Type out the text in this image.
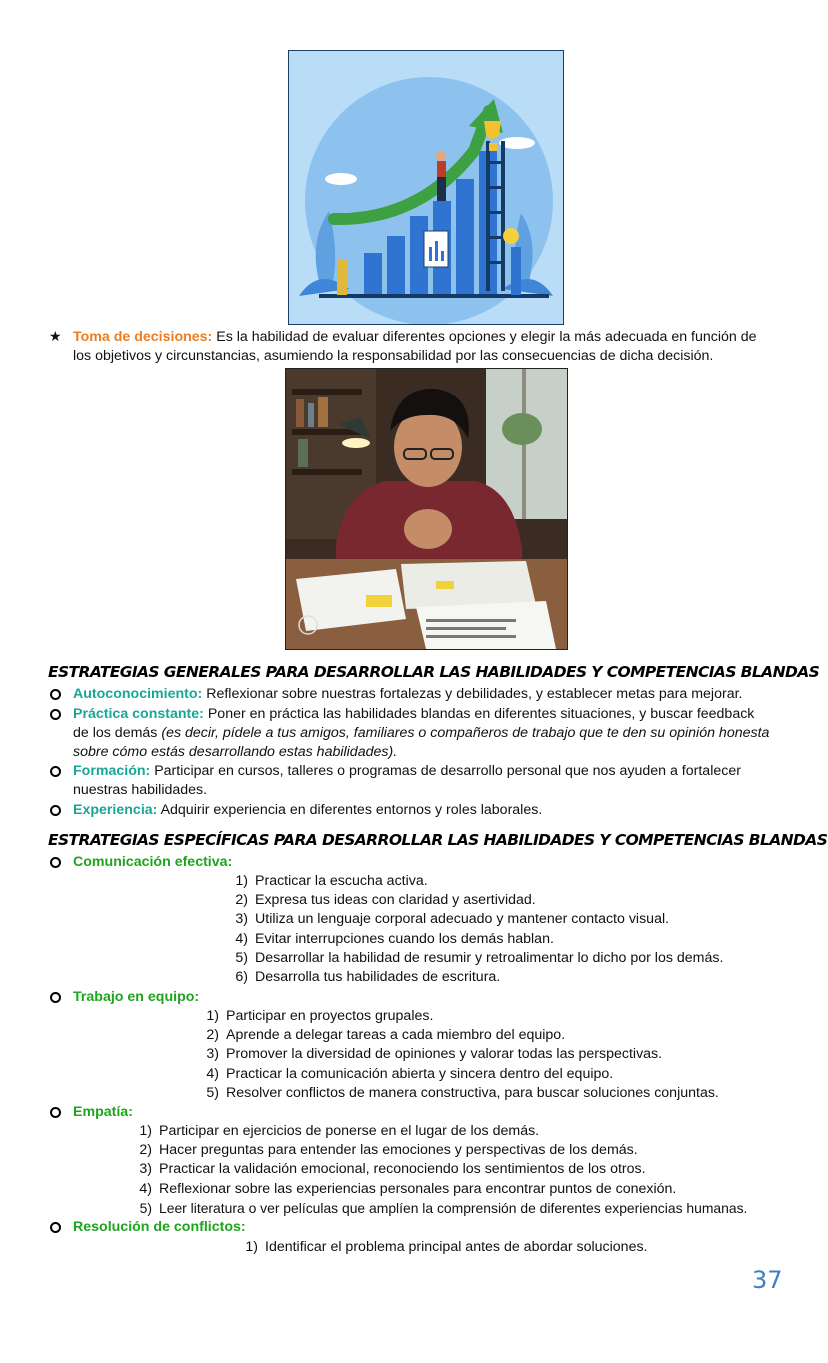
★ Toma de decisiones: Es la habilidad de evaluar diferentes opciones y elegir la más adecuada en función de
los objetivos y circunstancias, asumiendo la responsabilidad por las consecuencias de dicha decisión.
ESTRATEGIAS GENERALES PARA DESARROLLAR LAS HABILIDADES Y COMPETENCIAS BLANDAS
Autoconocimiento: Reflexionar sobre nuestras fortalezas y debilidades, y establecer metas para mejorar.
Práctica constante: Poner en práctica las habilidades blandas en diferentes situaciones, y buscar feedback
de los demás (es decir, pídele a tus amigos, familiares o compañeros de trabajo que te den su opinión honesta
sobre cómo estás desarrollando estas habilidades).
Formación: Participar en cursos, talleres o programas de desarrollo personal que nos ayuden a fortalecer
nuestras habilidades.
Experiencia: Adquirir experiencia en diferentes entornos y roles laborales.
ESTRATEGIAS ESPECÍFICAS PARA DESARROLLAR LAS HABILIDADES Y COMPETENCIAS BLANDAS
Comunicación efectiva:
1) Practicar la escucha activa.
2) Expresa tus ideas con claridad y asertividad.
3) Utiliza un lenguaje corporal adecuado y mantener contacto visual.
4) Evitar interrupciones cuando los demás hablan.
5) Desarrollar la habilidad de resumir y retroalimentar lo dicho por los demás.
6) Desarrolla tus habilidades de escritura.
Trabajo en equipo:
1) Participar en proyectos grupales.
2) Aprende a delegar tareas a cada miembro del equipo.
3) Promover la diversidad de opiniones y valorar todas las perspectivas.
4) Practicar la comunicación abierta y sincera dentro del equipo.
5) Resolver conflictos de manera constructiva, para buscar soluciones conjuntas.
Empatía:
1) Participar en ejercicios de ponerse en el lugar de los demás.
2) Hacer preguntas para entender las emociones y perspectivas de los demás.
3) Practicar la validación emocional, reconociendo los sentimientos de los otros.
4) Reflexionar sobre las experiencias personales para encontrar puntos de conexión.
5) Leer literatura o ver películas que amplíen la comprensión de diferentes experiencias humanas.
Resolución de conflictos:
1) Identificar el problema principal antes de abordar soluciones.
37
